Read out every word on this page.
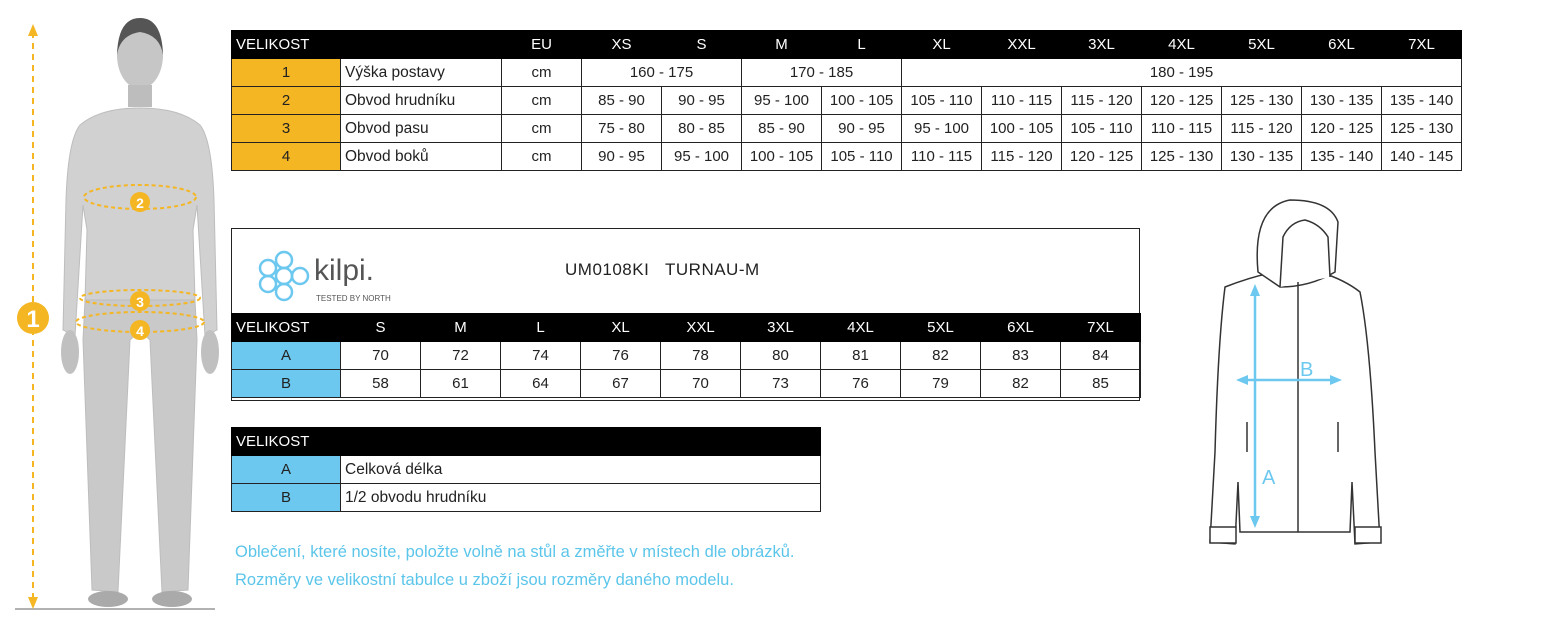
1
2
3
4
VELIKOST		EU	XS	S	M	L	XL	XXL	3XL	4XL	5XL	6XL	7XL
1	Výška postavy	cm	160 - 175		170 - 185		180 - 195						
2	Obvod hrudníku	cm	85 - 90	90 - 95	95 - 100	100 - 105	105 - 110	110 - 115	115 - 120	120 - 125	125 - 130	130 - 135	135 - 140
3	Obvod pasu	cm	75 - 80	80 - 85	85 - 90	90 - 95	95 - 100	100 - 105	105 - 110	110 - 115	115 - 120	120 - 125	125 - 130
4	Obvod boků	cm	90 - 95	95 - 100	100 - 105	105 - 110	110 - 115	115 - 120	120 - 125	125 - 130	130 - 135	135 - 140	140 - 145
kilpi.
TESTED BY NORTH
UM0108KI TURNAU-M
VELIKOST	S	M	L	XL	XXL	3XL	4XL	5XL	6XL	7XL
A	70	72	74	76	78	80	81	82	83	84
B	58	61	64	67	70	73	76	79	82	85
VELIKOST	
A	Celková délka
B	1/2 obvodu hrudníku
Oblečení, které nosíte, položte volně na stůl a změřte v místech dle obrázků.
Rozměry ve velikostní tabulce u zboží jsou rozměry daného modelu.
A
B
